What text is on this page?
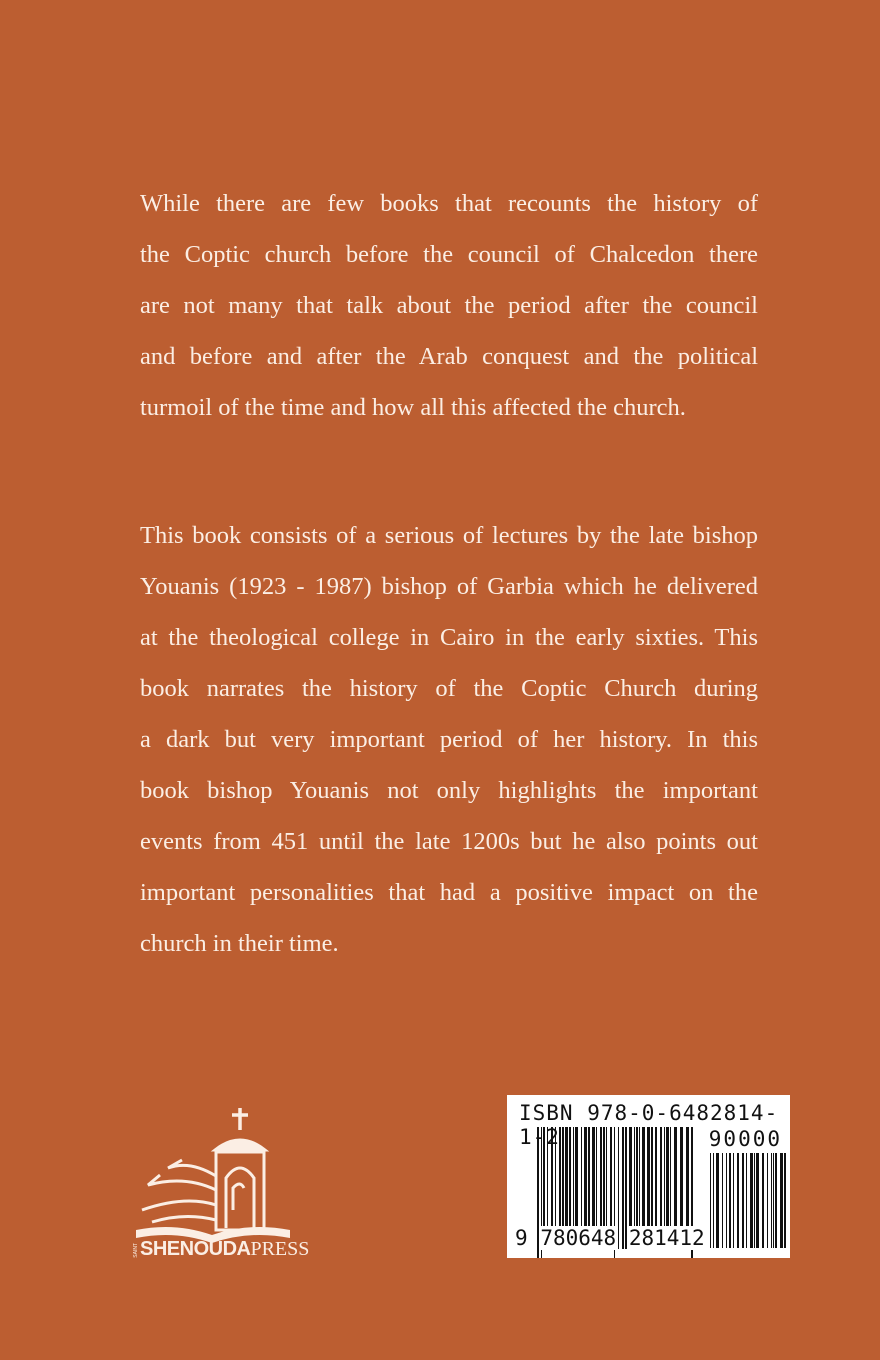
While there are few books that recounts the history of
the Coptic church before the council of Chalcedon there
are not many that talk about the period after the council
and before and after the Arab conquest and the political
turmoil of the time and how all this affected the church.
This book consists of a serious of lectures by the late bishop
Youanis (1923 - 1987) bishop of Garbia which he delivered
at the theological college in Cairo in the early sixties. This
book narrates the history of the Coptic Church during
a dark but very important period of her history. In this
book bishop Youanis not only highlights the important
events from 451 until the late 1200s but he also points out
important personalities that had a positive impact on the
church in their time.
SAINTSHENOUDAPRESS
ISBN 978-0-6482814-1-2	90000
9 780648 281412
